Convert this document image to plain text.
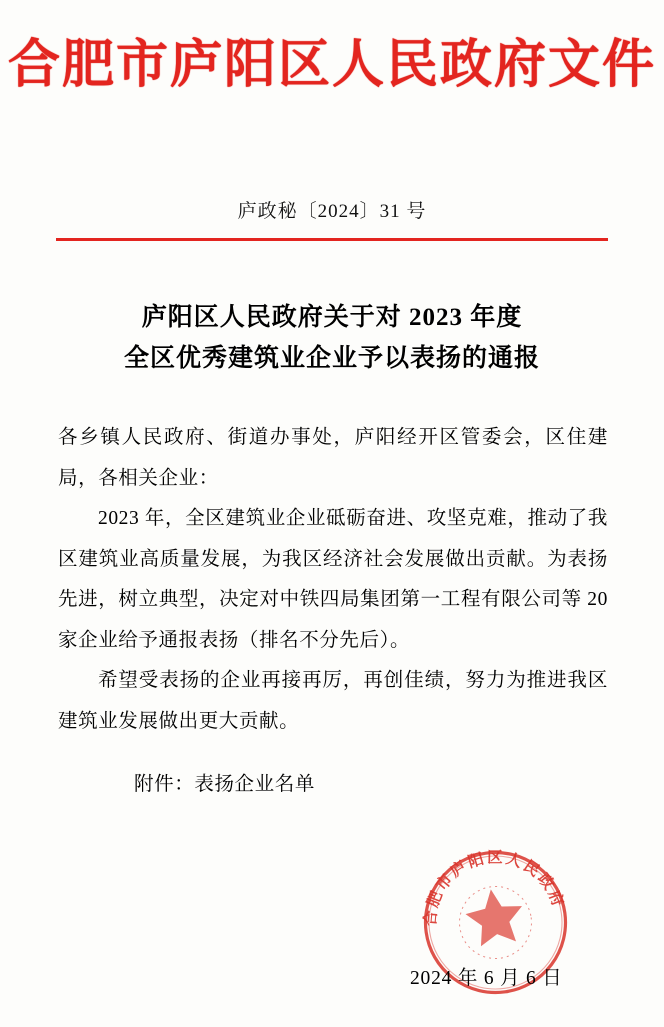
合肥市庐阳区人民政府文件
庐政秘〔2024〕31 号
庐阳区人民政府关于对 2023 年度
全区优秀建筑业企业予以表扬的通报

各乡镇人民政府、街道办事处，庐阳经开区管委会，区住建局，各相关企业：

2023 年，全区建筑业企业砥砺奋进、攻坚克难，推动了我区建筑业高质量发展，为我区经济社会发展做出贡献。为表扬先进，树立典型，决定对中铁四局集团第一工程有限公司等 20 家企业给予通报表扬（排名不分先后）。

希望受表扬的企业再接再厉，再创佳绩，努力为推进我区建筑业发展做出更大贡献。

附件：表扬企业名单
合肥市庐阳区人民政府
2024 年 6 月 6 日
